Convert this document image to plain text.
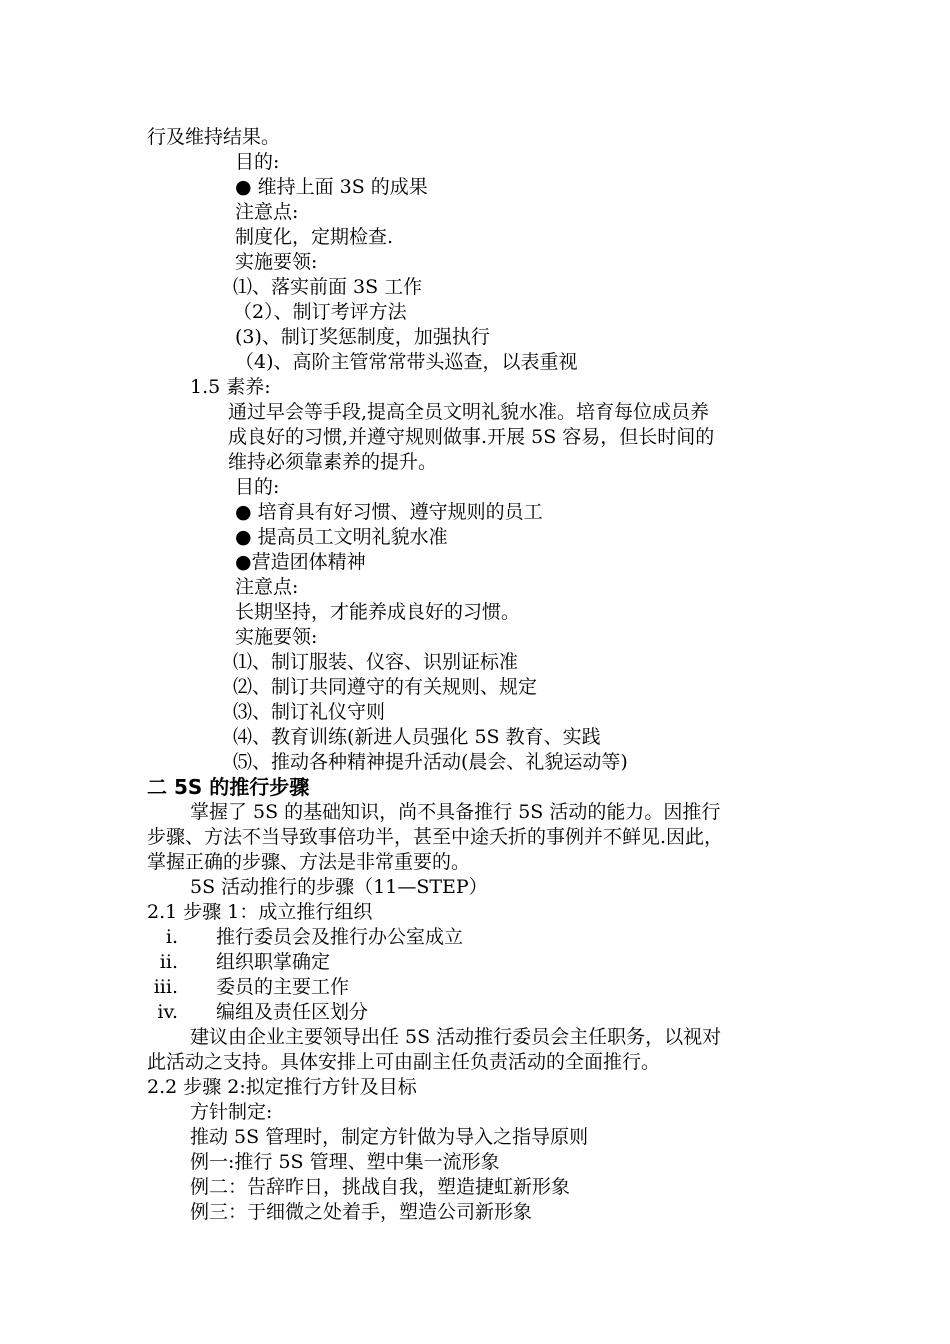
行及维持结果。
目的:
● 维持上面 3S 的成果
注意点:
制度化，定期检查.
实施要领:
⑴、落实前面 3S 工作
（2）、制订考评方法
(3)、制订奖惩制度，加强执行
（4)、高阶主管常常带头巡查，以表重视
1.5 素养:
通过早会等手段,提高全员文明礼貌水准。培育每位成员养
成良好的习惯,并遵守规则做事.开展 5S 容易，但长时间的
维持必须靠素养的提升。
目的:
● 培育具有好习惯、遵守规则的员工
● 提高员工文明礼貌水准
●营造团体精神
注意点:
长期坚持，才能养成良好的习惯。
实施要领:
⑴、制订服装、仪容、识别证标准
⑵、制订共同遵守的有关规则、规定
⑶、制订礼仪守则
⑷、教育训练(新进人员强化 5S 教育、实践
⑸、推动各种精神提升活动(晨会、礼貌运动等)
二 5S 的推行步骤
掌握了 5S 的基础知识，尚不具备推行 5S 活动的能力。因推行
步骤、方法不当导致事倍功半，甚至中途夭折的事例并不鲜见.因此，
掌握正确的步骤、方法是非常重要的。
5S 活动推行的步骤（11—STEP）
2.1 步骤 1：成立推行组织
i. 推行委员会及推行办公室成立
ii. 组织职掌确定
iii. 委员的主要工作
iv. 编组及责任区划分
建议由企业主要领导出任 5S 活动推行委员会主任职务，以视对
此活动之支持。具体安排上可由副主任负责活动的全面推行。
2.2 步骤 2:拟定推行方针及目标
方针制定:
推动 5S 管理时，制定方针做为导入之指导原则
例一:推行 5S 管理、塑中集一流形象
例二：告辞昨日，挑战自我，塑造捷虹新形象
例三：于细微之处着手，塑造公司新形象
